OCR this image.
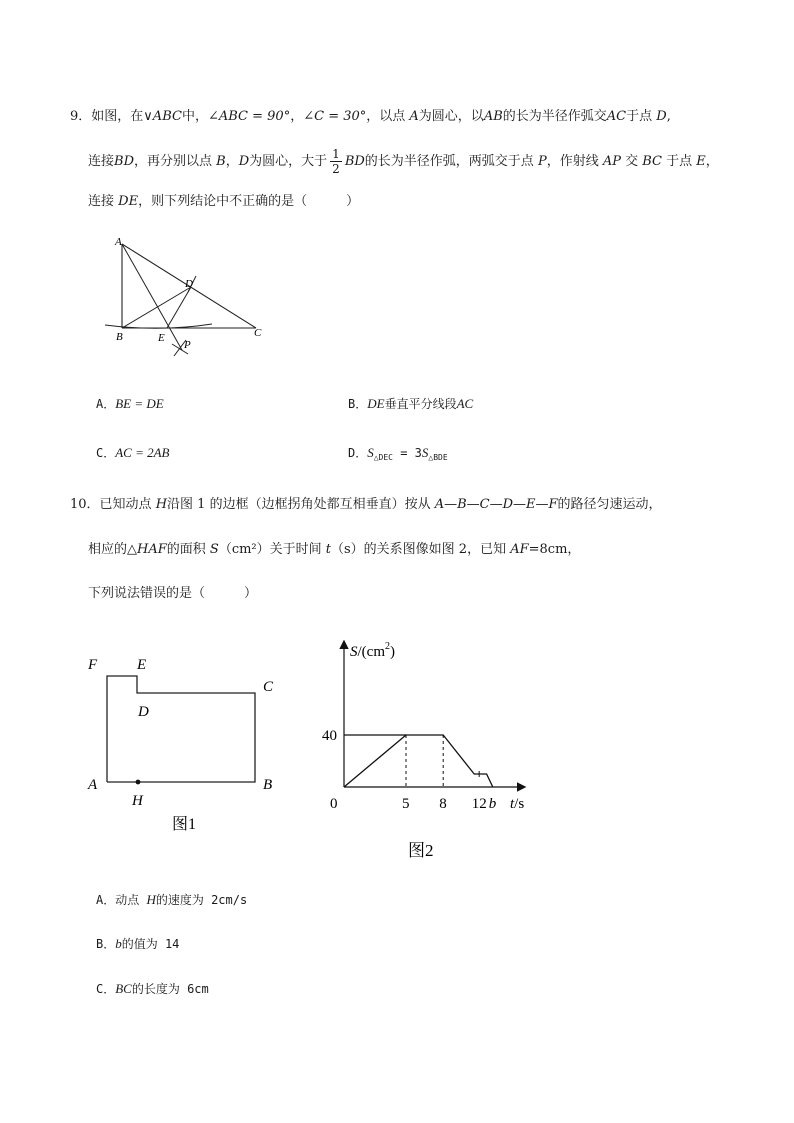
9．如图，在∨ABC中，∠ABC = 90°，∠C = 30°，以点 A为圆心，以AB的长为半径作弧交AC于点 D,
连接BD，再分别以点 B，D为圆心，大于 $\frac{1}{2}$ BD的长为半径作弧，两弧交于点 P，作射线 AP 交 BC 于点 E，
连接 DE，则下列结论中不正确的是（　　　）
A
B	C
D
E
P
A．BE = DE	B．DE垂直平分线段AC
C．AC = 2AB	D．$S_{\triangle DEC} = 3S_{\triangle BDE}$
10．已知动点 H沿图 1 的边框（边框拐角处都互相垂直）按从 A—B—C—D—E—F的路径匀速运动，
相应的△HAF的面积 S（cm²）关于时间 t（s）的关系图像如图 2，已知 AF=8cm，
下列说法错误的是（　　　）
F	E
C
D
A
H
B
图1
$S/(cm^2)$
t/s
图2
40
0	5 8 12 b
A．动点 H的速度为 2cm/s
B．b的值为 14
C．BC的长度为 6cm
